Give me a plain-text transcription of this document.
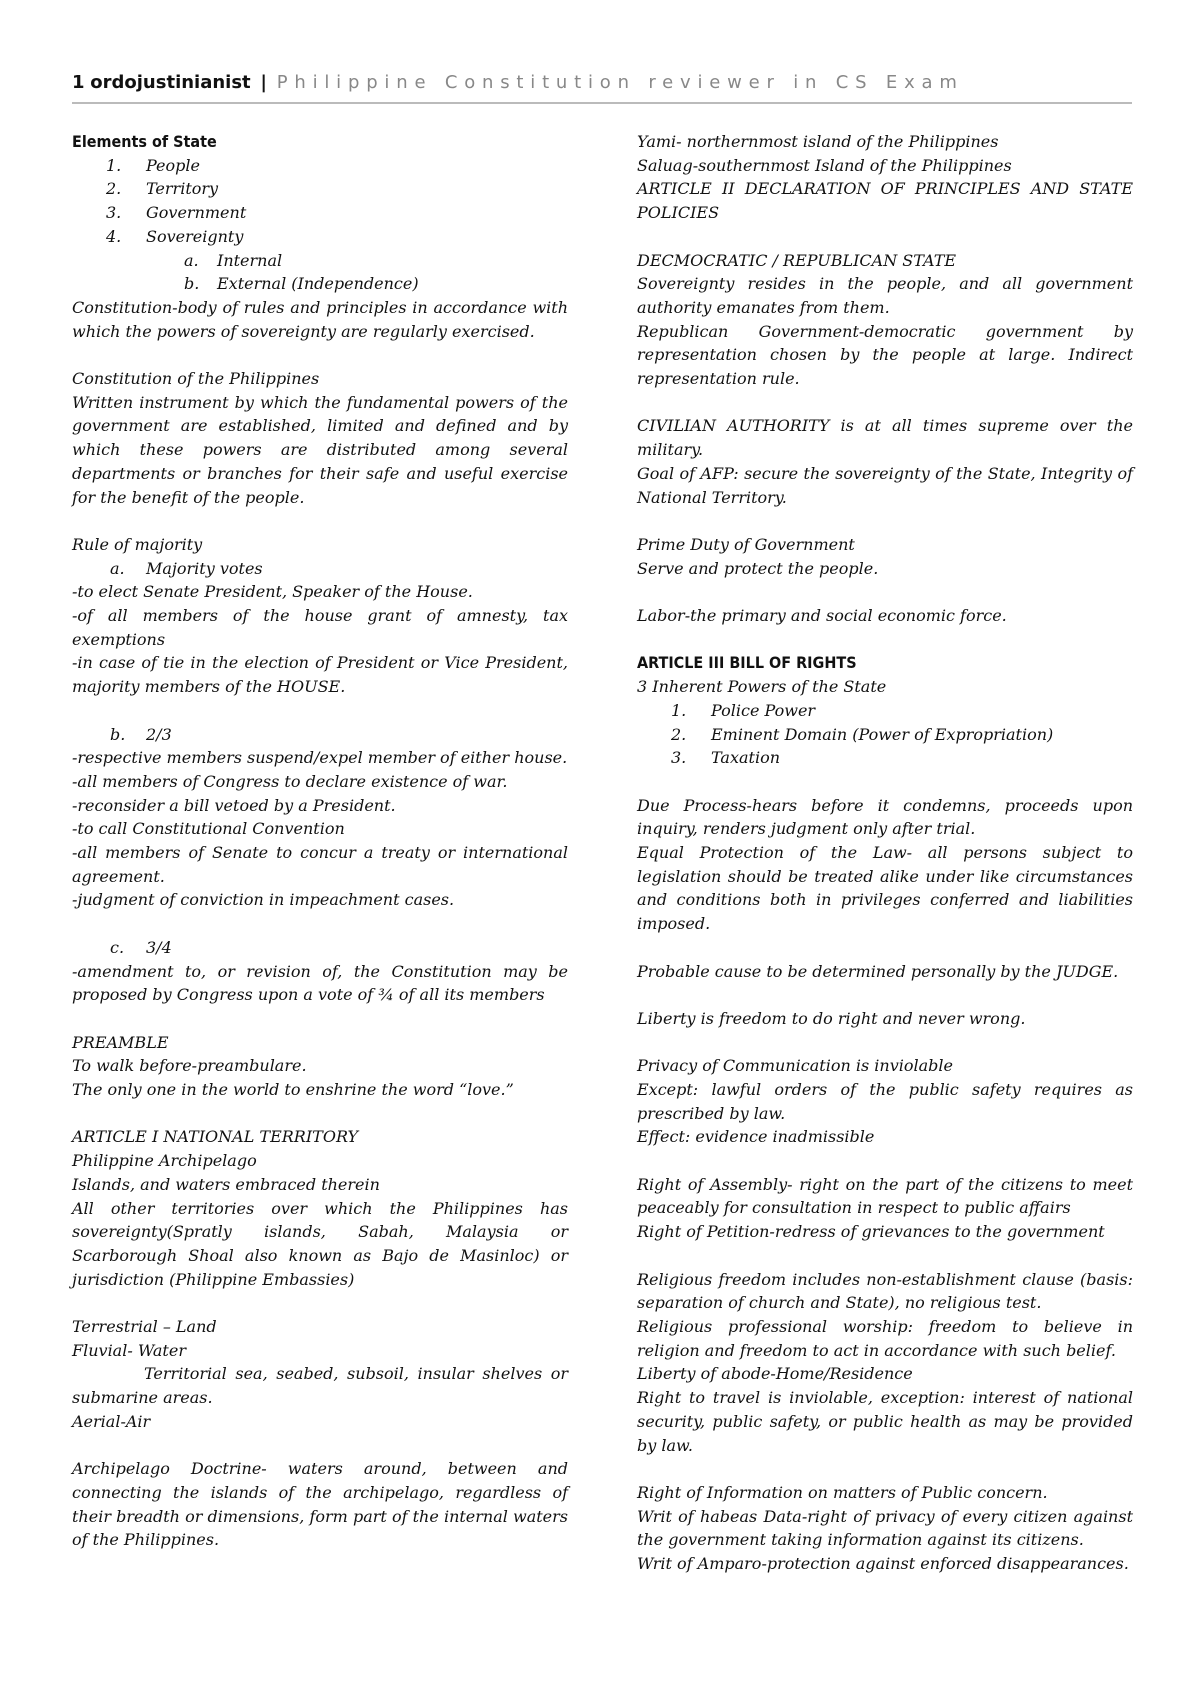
1 ordojustinianist | Philippine Constitution reviewer in CS Exam

Elements of State

1. People

2. Territory

3. Government

4. Sovereignty

a. Internal

b. External (Independence)

Constitution-body of rules and principles in accordance with which the powers of sovereignty are regularly exercised.

Constitution of the Philippines

Written instrument by which the fundamental powers of the government are established, limited and defined and by which these powers are distributed among several departments or branches for their safe and useful exercise for the benefit of the people.

Rule of majority

a. Majority votes

-to elect Senate President, Speaker of the House.

-of all members of the house grant of amnesty, tax exemptions

-in case of tie in the election of President or Vice President, majority members of the HOUSE.

b. 2/3

-respective members suspend/expel member of either house.

-all members of Congress to declare existence of war.

-reconsider a bill vetoed by a President.

-to call Constitutional Convention

-all members of Senate to concur a treaty or international agreement.

-judgment of conviction in impeachment cases.

c. 3/4

-amendment to, or revision of, the Constitution may be proposed by Congress upon a vote of ¾ of all its members

PREAMBLE

To walk before-preambulare.

The only one in the world to enshrine the word “love.”

ARTICLE I NATIONAL TERRITORY

Philippine Archipelago

Islands, and waters embraced therein

All other territories over which the Philippines has sovereignty(Spratly islands, Sabah, Malaysia or Scarborough Shoal also known as Bajo de Masinloc) or jurisdiction (Philippine Embassies)

Terrestrial – Land

Fluvial- Water

Territorial sea, seabed, subsoil, insular shelves or submarine areas.

Aerial-Air

Archipelago Doctrine- waters around, between and connecting the islands of the archipelago, regardless of their breadth or dimensions, form part of the internal waters of the Philippines.

Yami- northernmost island of the Philippines

Saluag-southernmost Island of the Philippines

ARTICLE II DECLARATION OF PRINCIPLES AND STATE POLICIES

DECMOCRATIC / REPUBLICAN STATE

Sovereignty resides in the people, and all government authority emanates from them.

Republican Government-democratic government by representation chosen by the people at large. Indirect representation rule.

CIVILIAN AUTHORITY is at all times supreme over the military.

Goal of AFP: secure the sovereignty of the State, Integrity of National Territory.

Prime Duty of Government

Serve and protect the people.

Labor-the primary and social economic force.

ARTICLE III BILL OF RIGHTS

3 Inherent Powers of the State

1. Police Power

2. Eminent Domain (Power of Expropriation)

3. Taxation

Due Process-hears before it condemns, proceeds upon inquiry, renders judgment only after trial.

Equal Protection of the Law- all persons subject to legislation should be treated alike under like circumstances and conditions both in privileges conferred and liabilities imposed.

Probable cause to be determined personally by the JUDGE.

Liberty is freedom to do right and never wrong.

Privacy of Communication is inviolable

Except: lawful orders of the public safety requires as prescribed by law.

Effect: evidence inadmissible

Right of Assembly- right on the part of the citizens to meet peaceably for consultation in respect to public affairs

Right of Petition-redress of grievances to the government

Religious freedom includes non-establishment clause (basis: separation of church and State), no religious test.

Religious professional worship: freedom to believe in religion and freedom to act in accordance with such belief.

Liberty of abode-Home/Residence

Right to travel is inviolable, exception: interest of national security, public safety, or public health as may be provided by law.

Right of Information on matters of Public concern.

Writ of habeas Data-right of privacy of every citizen against the government taking information against its citizens.

Writ of Amparo-protection against enforced disappearances.
